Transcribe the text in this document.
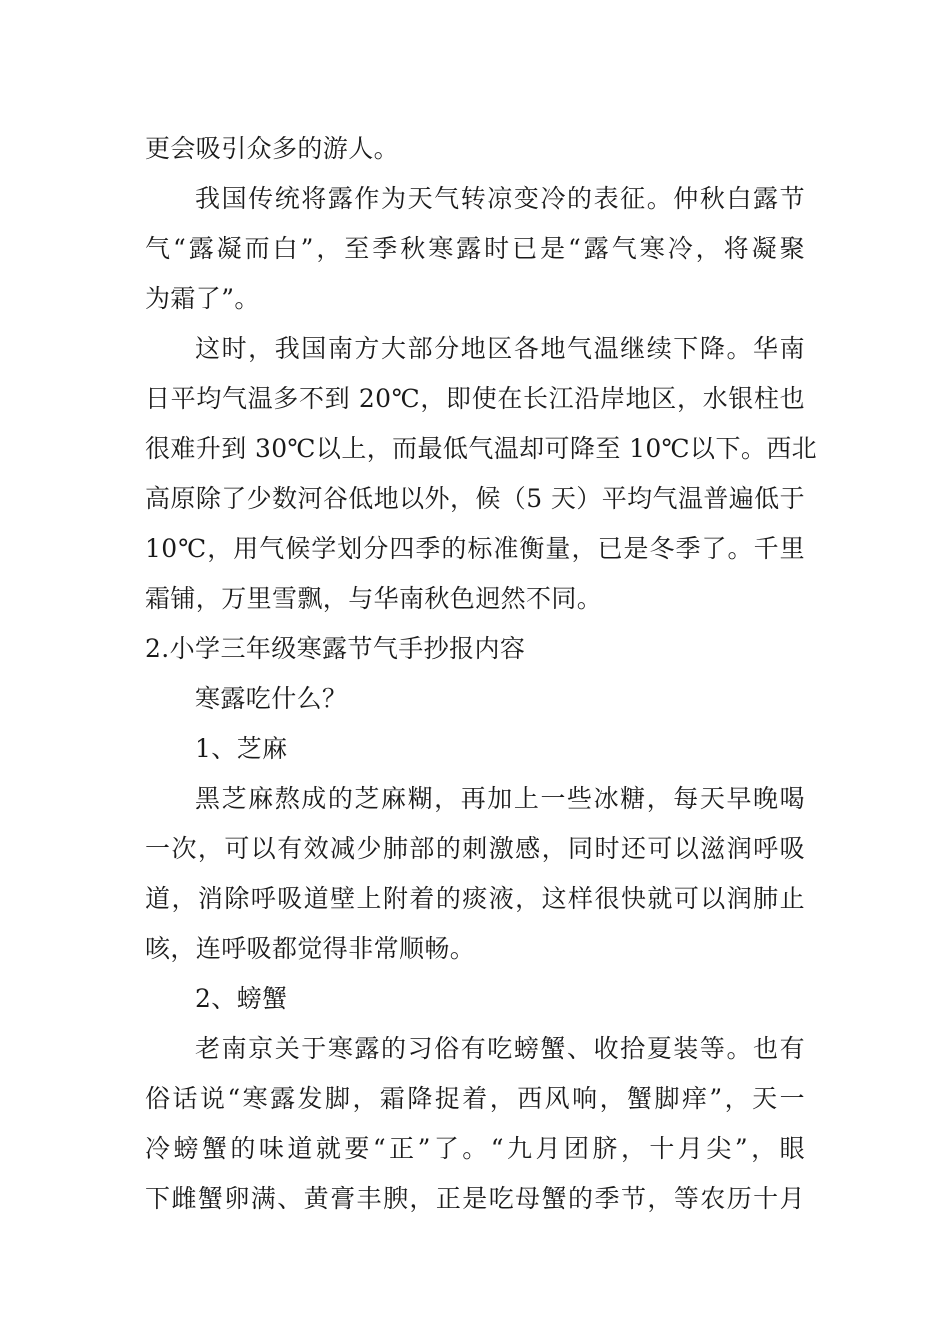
更会吸引众多的游人。
我国传统将露作为天气转凉变冷的表征。仲秋白露节
气“露凝而白”，至季秋寒露时已是“露气寒冷，将凝聚
为霜了”。
这时，我国南方大部分地区各地气温继续下降。华南
日平均气温多不到 20℃，即使在长江沿岸地区，水银柱也
很难升到 30℃以上，而最低气温却可降至 10℃以下。西北
高原除了少数河谷低地以外，候（5 天）平均气温普遍低于
10℃，用气候学划分四季的标准衡量，已是冬季了。千里
霜铺，万里雪飘，与华南秋色迥然不同。
2.小学三年级寒露节气手抄报内容
寒露吃什么？
1、芝麻
黑芝麻熬成的芝麻糊，再加上一些冰糖，每天早晚喝
一次，可以有效减少肺部的刺激感，同时还可以滋润呼吸
道，消除呼吸道壁上附着的痰液，这样很快就可以润肺止
咳，连呼吸都觉得非常顺畅。
2、螃蟹
老南京关于寒露的习俗有吃螃蟹、收拾夏装等。也有
俗话说“寒露发脚，霜降捉着，西风响，蟹脚痒”，天一
冷螃蟹的味道就要“正”了。“九月团脐，十月尖”，眼
下雌蟹卵满、黄膏丰腴，正是吃母蟹的季节，等农历十月
